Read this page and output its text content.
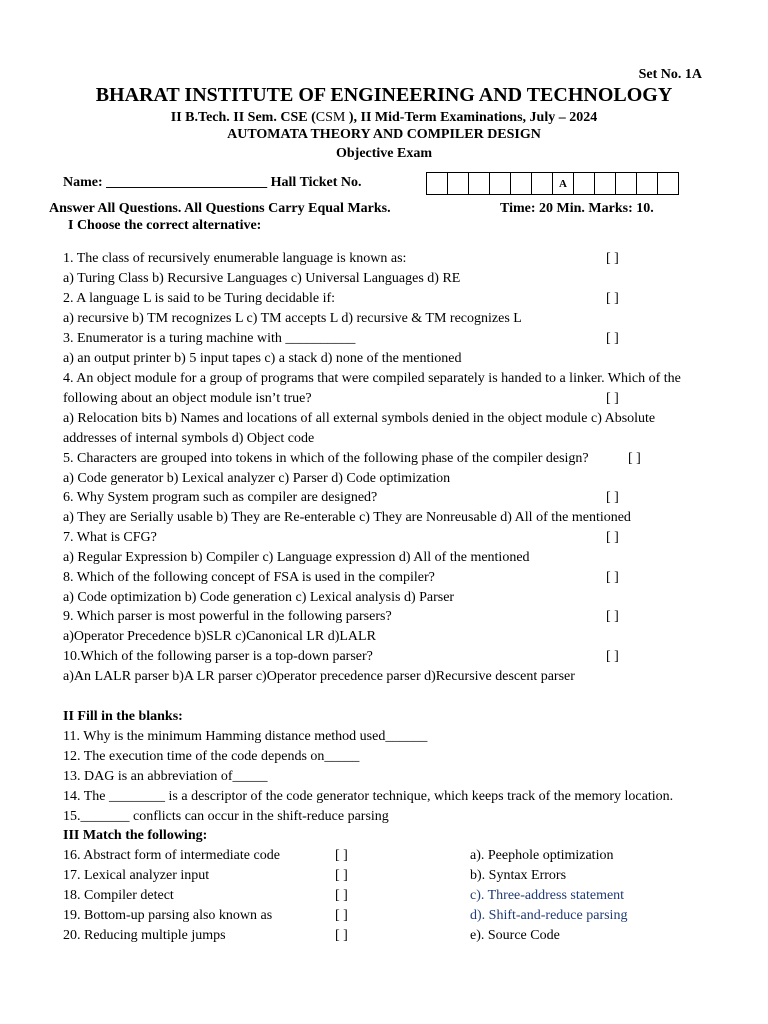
Set No. 1A
BHARAT INSTITUTE OF ENGINEERING AND TECHNOLOGY
II B.Tech. II Sem. CSE (CSM ), II Mid-Term Examinations, July – 2024
AUTOMATA THEORY AND COMPILER DESIGN
Objective Exam
Name: _______________________ Hall Ticket No.	A
Answer All Questions. All Questions Carry Equal Marks.	Time: 20 Min. Marks: 10.
I Choose the correct alternative:
1. The class of recursively enumerable language is known as:
a) Turing Class b) Recursive Languages c) Universal Languages d) RE
2. A language L is said to be Turing decidable if:
a) recursive b) TM recognizes L c) TM accepts L d) recursive & TM recognizes L
3. Enumerator is a turing machine with __________
a) an output printer b) 5 input tapes c) a stack d) none of the mentioned
4. An object module for a group of programs that were compiled separately is handed to a linker. Which of the
following about an object module isn’t true?
a) Relocation bits b) Names and locations of all external symbols denied in the object module c) Absolute
addresses of internal symbols d) Object code
5. Characters are grouped into tokens in which of the following phase of the compiler design?
a) Code generator b) Lexical analyzer c) Parser d) Code optimization
6. Why System program such as compiler are designed?
a) They are Serially usable b) They are Re-enterable c) They are Nonreusable d) All of the mentioned
7. What is CFG?
a) Regular Expression b) Compiler c) Language expression d) All of the mentioned
8. Which of the following concept of FSA is used in the compiler?
a) Code optimization b) Code generation c) Lexical analysis d) Parser
9. Which parser is most powerful in the following parsers?
a)Operator Precedence b)SLR c)Canonical LR d)LALR
10.Which of the following parser is a top-down parser?
a)An LALR parser b)A LR parser c)Operator precedence parser d)Recursive descent parser
[ ]
[ ]
[ ]
[ ]
[ ]
[ ]
[ ]
[ ]
[ ]
[ ]
II Fill in the blanks:
11. Why is the minimum Hamming distance method used______
12. The execution time of the code depends on_____
13. DAG is an abbreviation of_____
14. The ________ is a descriptor of the code generator technique, which keeps track of the memory location.
15._______ conflicts can occur in the shift-reduce parsing
III Match the following:
16. Abstract form of intermediate code	[ ]	a). Peephole optimization
17. Lexical analyzer input	[ ]	b). Syntax Errors
18. Compiler detect	[ ]	c). Three-address statement
19. Bottom-up parsing also known as	[ ]	d). Shift-and-reduce parsing
20. Reducing multiple jumps	[ ]	e). Source Code
